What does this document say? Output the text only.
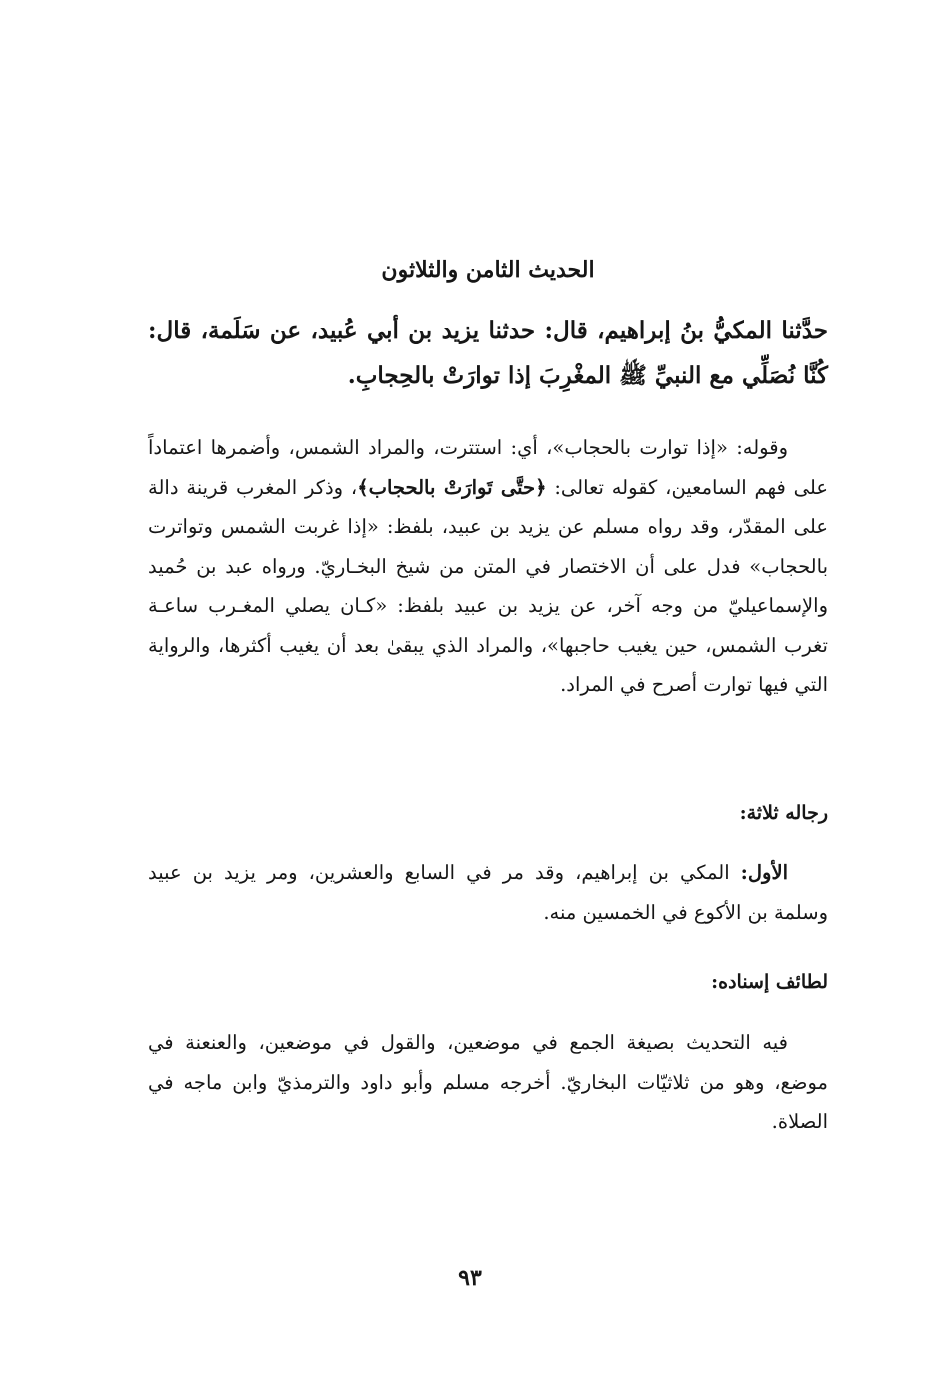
الحديث الثامن والثلاثون

حدَّثنا المكيُّ بنُ إبراهيم، قال: حدثنا يزيد بن أبي عُبيد، عن سَلَمة، قال: كُنَّا نُصَلِّي مع النبيِّ ﷺ المغْرِبَ إذا توارَتْ بالحِجابِ.

وقوله: «إذا توارت بالحجاب»، أي: استترت، والمراد الشمس، وأضمرها اعتماداً على فهم السامعين، كقوله تعالى: ﴿حتَّى تَوارَتْ بالحجاب﴾، وذكر المغرب قرينة دالة على المقدّر، وقد رواه مسلم عن يزيد بن عبيد، بلفظ: «إذا غربت الشمس وتواترت بالحجاب» فدل على أن الاختصار في المتن من شيخ البخـاريّ. ورواه عبد بن حُميد والإسماعيليّ من وجه آخر، عن يزيد بن عبيد بلفظ: «كـان يصلي المغـرب ساعـة تغرب الشمس، حين يغيب حاجبها»، والمراد الذي يبقىٰ بعد أن يغيب أكثرها، والرواية التي فيها توارت أصرح في المراد.

رجاله ثلاثة:

الأول: المكي بن إبراهيم، وقد مر في السابع والعشرين، ومر يزيد بن عبيد وسلمة بن الأكوع في الخمسين منه.

لطائف إسناده:

فيه التحديث بصيغة الجمع في موضعين، والقول في موضعين، والعنعنة في موضع، وهو من ثلاثيّات البخاريّ. أخرجه مسلم وأبو داود والترمذيّ وابن ماجه في الصلاة.

٩٣
